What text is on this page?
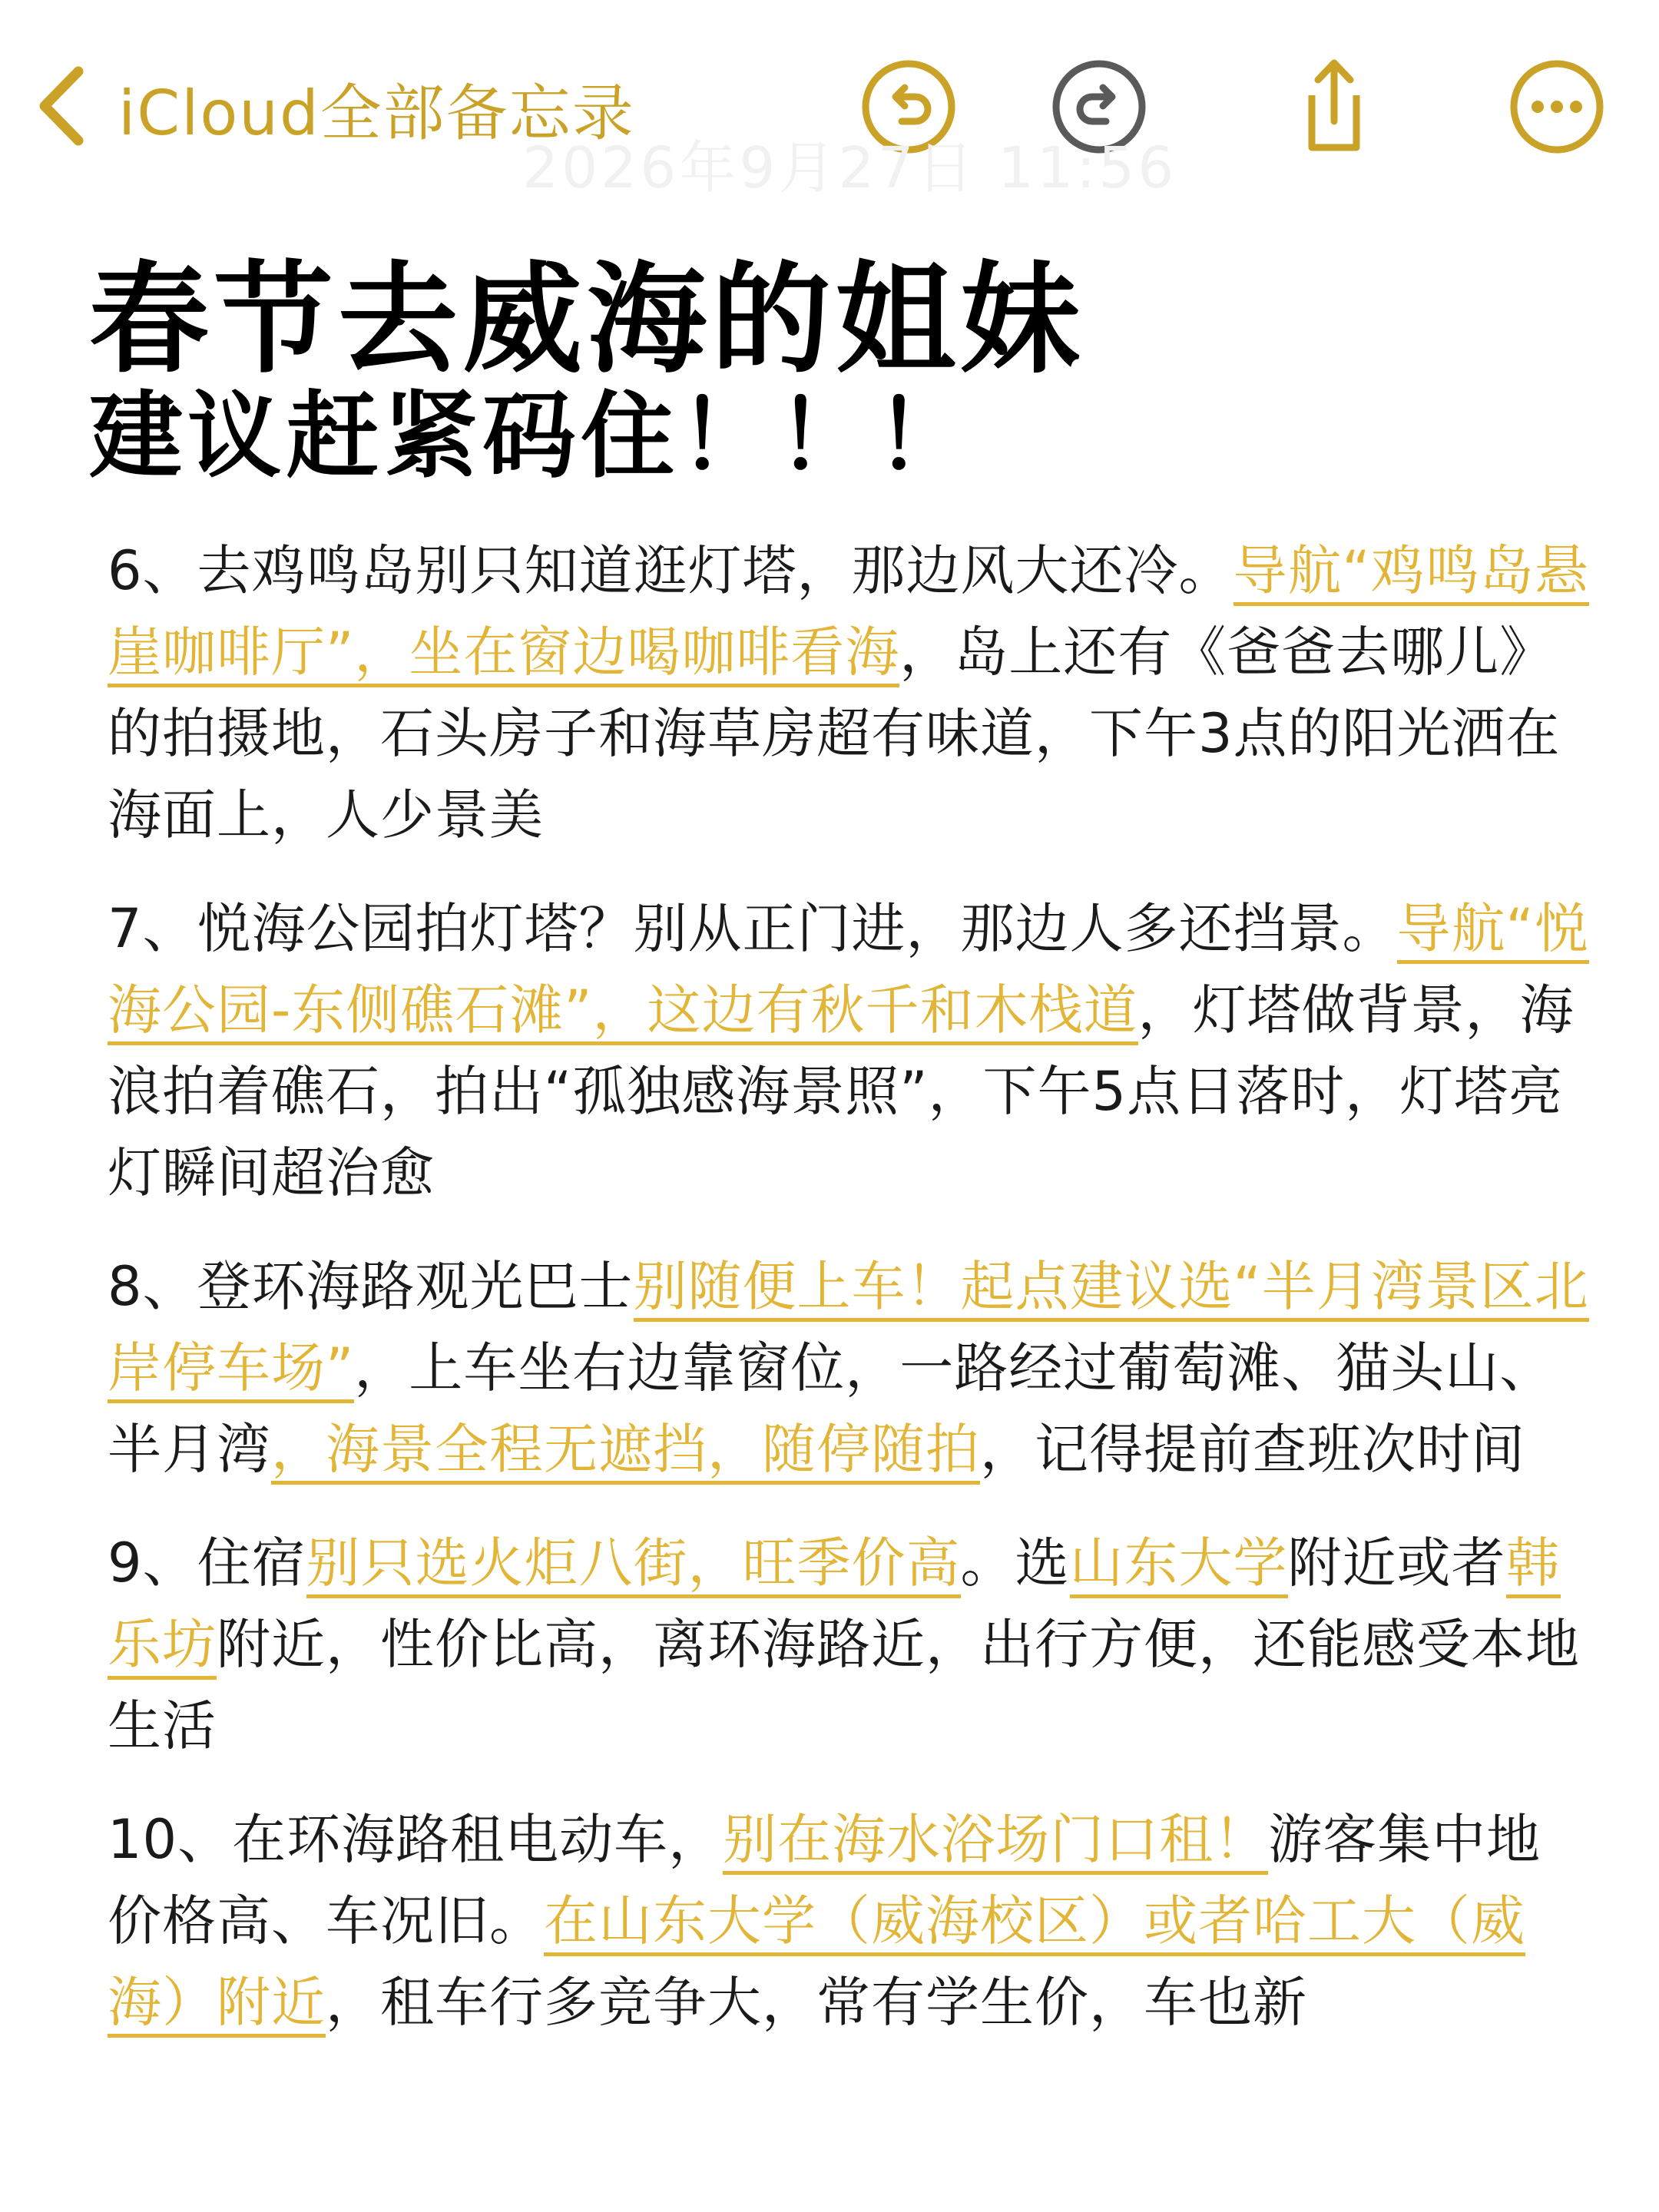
iCloud全部备忘录
2026年9月27日 11:56
春节去威海的姐妹
建议赶紧码住！！！

6、去鸡鸣岛别只知道逛灯塔，那边风大还冷。导航“鸡鸣岛悬崖咖啡厅”，坐在窗边喝咖啡看海，岛上还有《爸爸去哪儿》的拍摄地，石头房子和海草房超有味道，下午3点的阳光洒在海面上，人少景美

7、悦海公园拍灯塔？别从正门进，那边人多还挡景。导航“悦海公园-东侧礁石滩”，这边有秋千和木栈道，灯塔做背景，海浪拍着礁石，拍出“孤独感海景照”，下午5点日落时，灯塔亮灯瞬间超治愈

8、登环海路观光巴士别随便上车！起点建议选“半月湾景区北岸停车场”，上车坐右边靠窗位，一路经过葡萄滩、猫头山、半月湾，海景全程无遮挡，随停随拍，记得提前查班次时间

9、住宿别只选火炬八街，旺季价高。选山东大学附近或者韩乐坊附近，性价比高，离环海路近，出行方便，还能感受本地生活

10、在环海路租电动车，别在海水浴场门口租！游客集中地价格高、车况旧。在山东大学（威海校区）或者哈工大（威海）附近，租车行多竞争大，常有学生价，车也新
